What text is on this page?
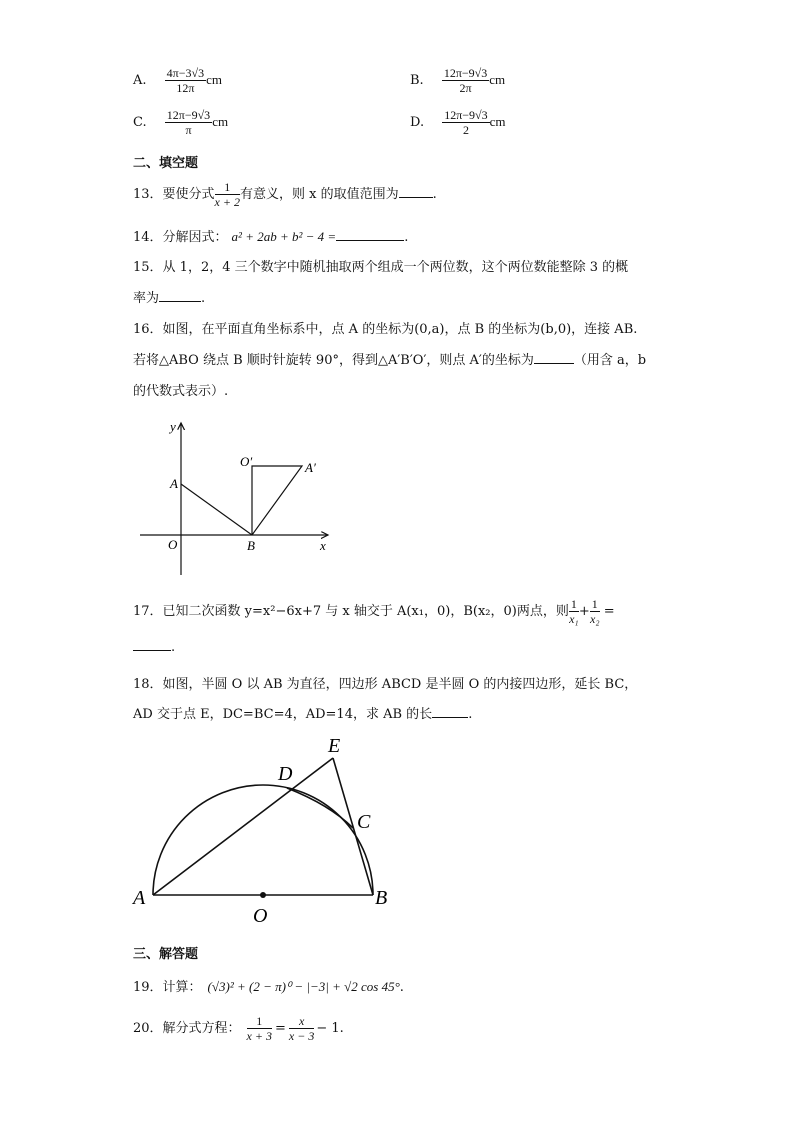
A. $\frac{4\pi-3√3}{12\pi}$ cm	B. $\frac{12\pi-9√3}{2\pi}$ cm
C. $\frac{12\pi-9√3}{\pi}$ cm	D. $\frac{12\pi-9√3}{2}$ cm
二、填空题
13．要使分式 $\frac{1}{x + 2}$ 有意义，则 x 的取值范围为	.
14．分解因式： a² + 2ab + b² − 4 =	.
15．从 1，2，4 三个数字中随机抽取两个组成一个两位数，这个两位数能整除 3 的概
率为	.
16．如图，在平面直角坐标系中，点 A 的坐标为(0,a)，点 B 的坐标为(b,0)，连接 AB.
若将△ABO 绕点 B 顺时针旋转 90°，得到△A′B′O′，则点 A′的坐标为	（用含 a，b
的代数式表示）.
y
x
O
A
B
O′	A′
17．已知二次函数 y=x²−6x+7 与 x 轴交于 A(x₁，0)，B(x₂，0)两点，则 $\frac{1}{\text{x₁}} + \frac{1}{\text{x₂}}$ =
.
18．如图，半圆 O 以 AB 为直径，四边形 ABCD 是半圆 O 的内接四边形，延长 BC，
AD 交于点 E，DC=BC=4，AD=14，求 AB 的长	.
E
D
C
A
O
B
三、解答题
19．计算： (√3)² + (2 − π)⁰ − |−3| + √2 cos 45°.
20．解分式方程： $\frac{1}{x + 3} = \frac{x}{x - 3} - 1$.
